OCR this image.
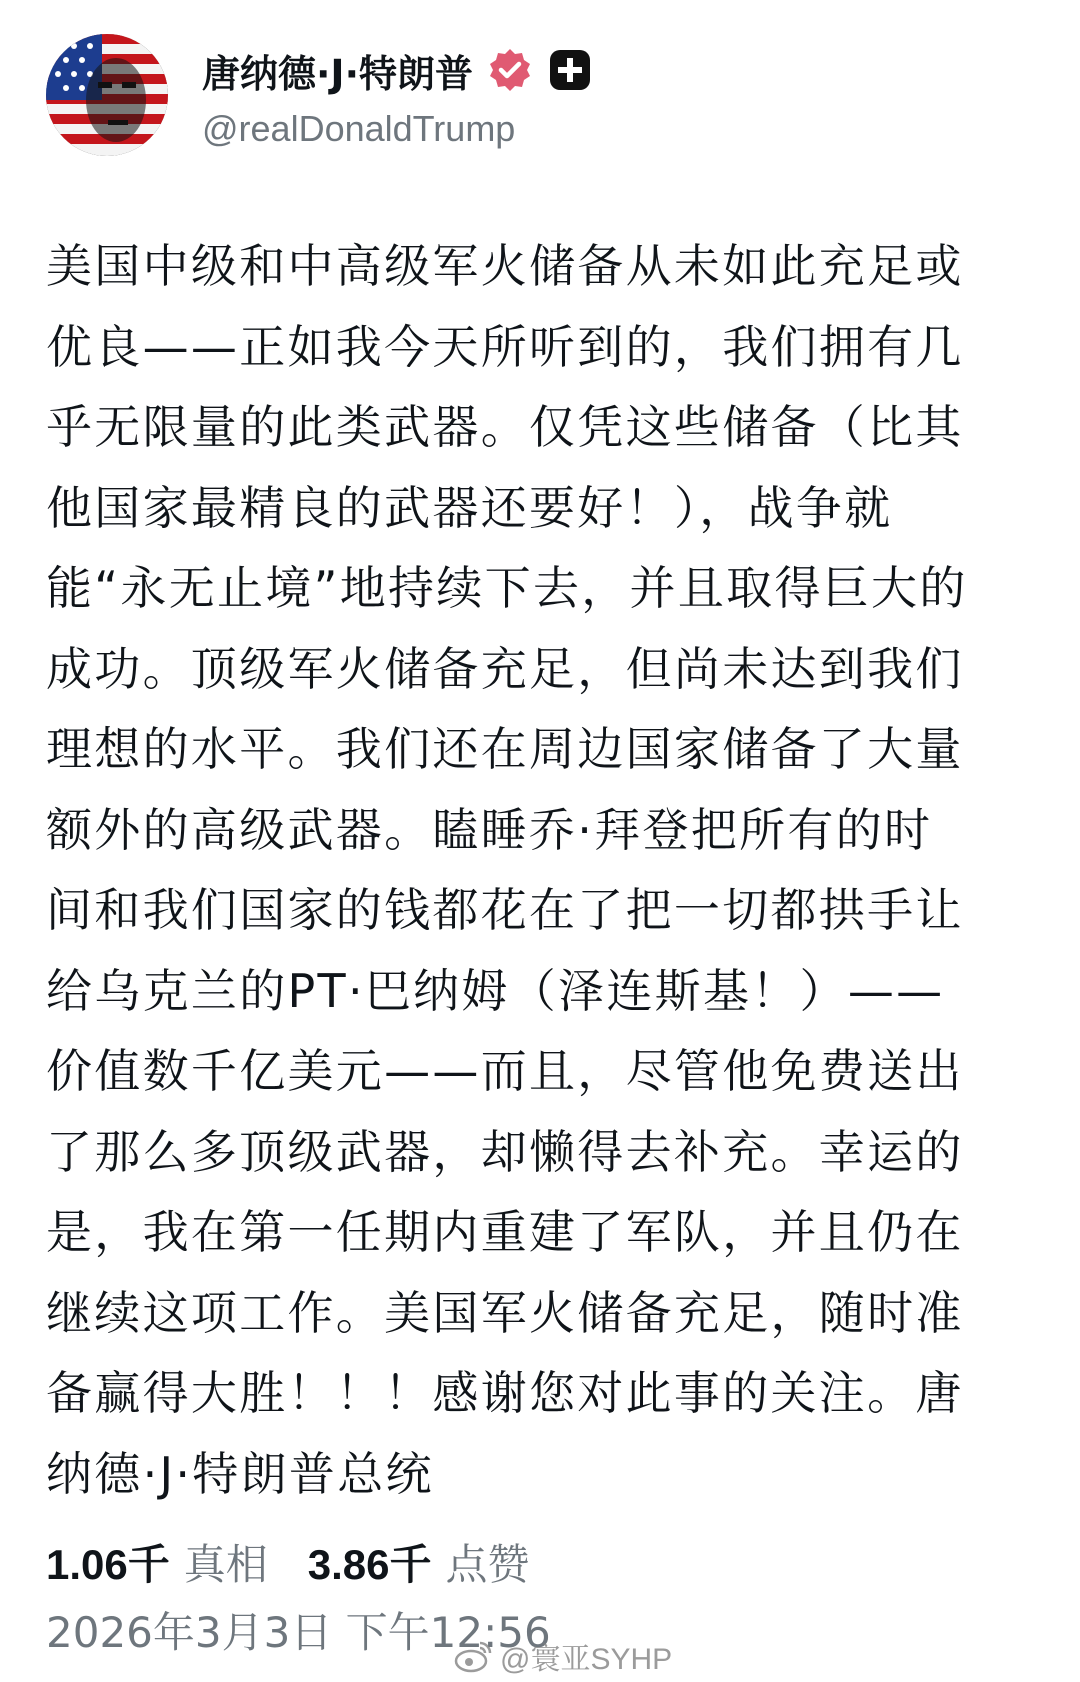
唐纳德·J·特朗普
@realDonaldTrump
美国中级和中高级军火储备从未如此充足或
优良——正如我今天所听到的，我们拥有几
乎无限量的此类武器。仅凭这些储备（比其
他国家最精良的武器还要好！），战争就
能“永无止境”地持续下去，并且取得巨大的
成功。顶级军火储备充足，但尚未达到我们
理想的水平。我们还在周边国家储备了大量
额外的高级武器。瞌睡乔·拜登把所有的时
间和我们国家的钱都花在了把一切都拱手让
给乌克兰的PT·巴纳姆（泽连斯基！）——
价值数千亿美元——而且，尽管他免费送出
了那么多顶级武器，却懒得去补充。幸运的
是，我在第一任期内重建了军队，并且仍在
继续这项工作。美国军火储备充足，随时准
备赢得大胜！！！感谢您对此事的关注。唐
纳德·J·特朗普总统
1.06千 真相 3.86千 点赞
2026年3月3日 下午12:56
@寰亚SYHP
